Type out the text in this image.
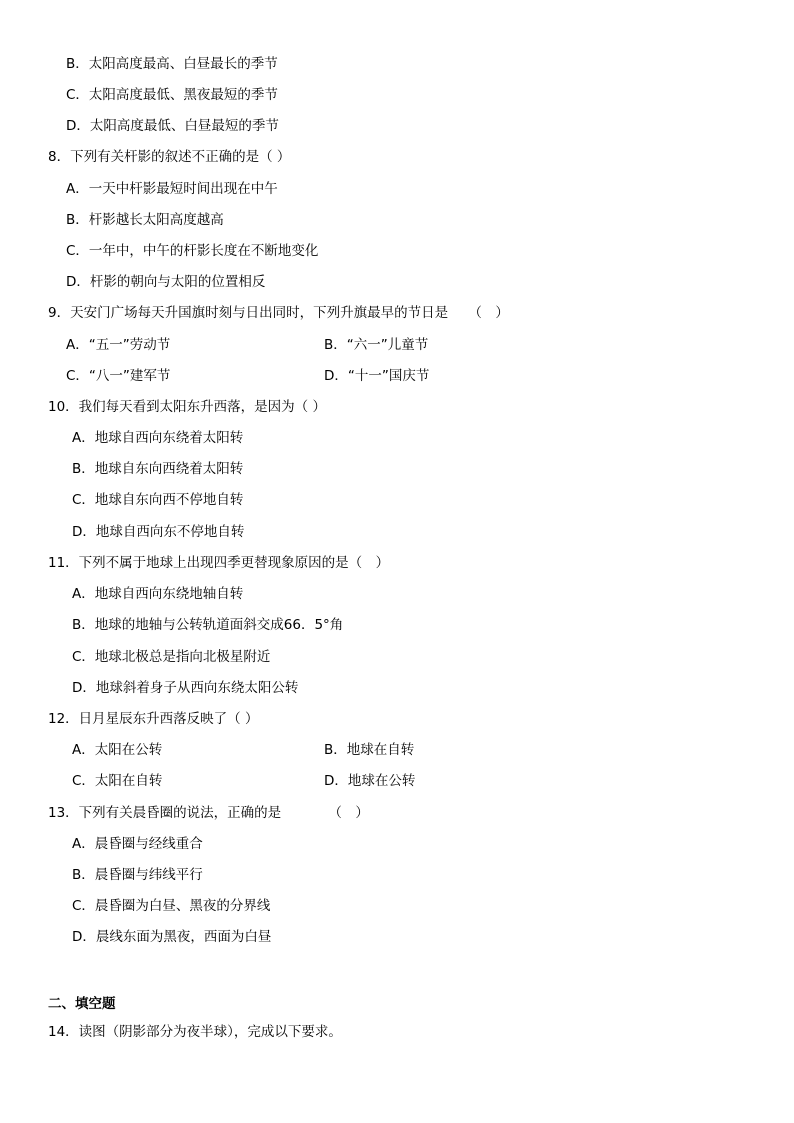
B．太阳高度最高、白昼最长的季节
C．太阳高度最低、黑夜最短的季节
D．太阳高度最低、白昼最短的季节
8．下列有关杆影的叙述不正确的是（ ）
A．一天中杆影最短时间出现在中午
B．杆影越长太阳高度越高
C．一年中，中午的杆影长度在不断地变化
D．杆影的朝向与太阳的位置相反
9．天安门广场每天升国旗时刻与日出同时，下列升旗最早的节日是　　（　）
A．“五一”劳动节	B．“六一”儿童节
C．“八一”建军节	D．“十一”国庆节
10．我们每天看到太阳东升西落，是因为（ ）
A．地球自西向东绕着太阳转
B．地球自东向西绕着太阳转
C．地球自东向西不停地自转
D．地球自西向东不停地自转
11．下列不属于地球上出现四季更替现象原因的是（　）
A．地球自西向东绕地轴自转
B．地球的地轴与公转轨道面斜交成66．5°角
C．地球北极总是指向北极星附近
D．地球斜着身子从西向东绕太阳公转
12．日月星辰东升西落反映了（ ）
A．太阳在公转	B．地球在自转
C．太阳在自转	D．地球在公转
13．下列有关晨昏圈的说法，正确的是　　　　（　）
A．晨昏圈与经线重合
B．晨昏圈与纬线平行
C．晨昏圈为白昼、黑夜的分界线
D．晨线东面为黑夜，西面为白昼
二、填空题
14．读图（阴影部分为夜半球），完成以下要求。
